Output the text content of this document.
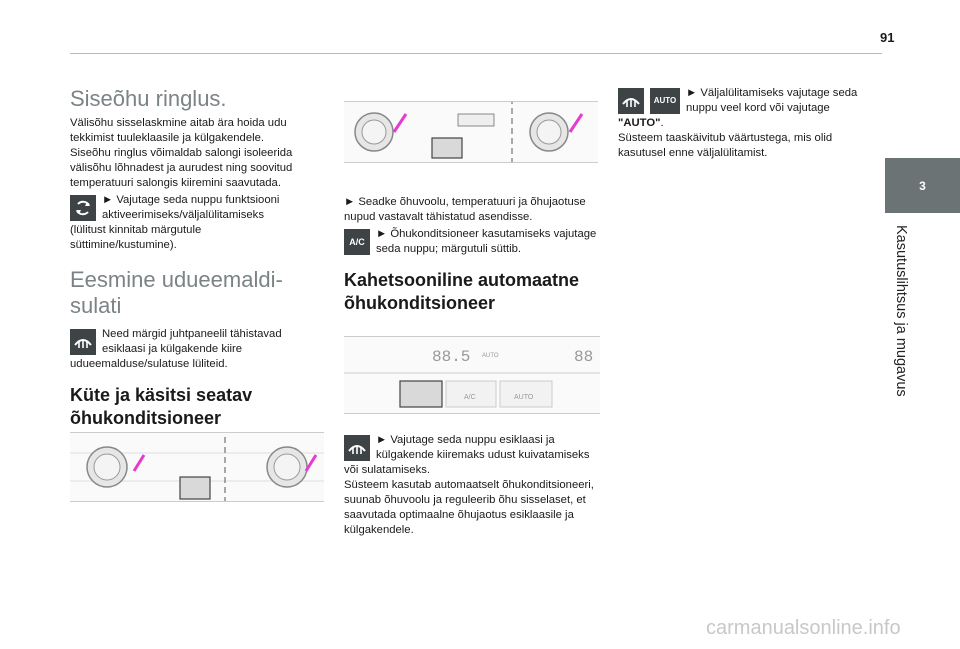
91
3
Kasutuslihtsus ja mugavus
Siseõhu ringlus.

Välisõhu sisselaskmine aitab ära hoida udu tekkimist tuuleklaasile ja külgakendele.

Siseõhu ringlus võimaldab salongi isoleerida välisõhu lõhnadest ja aurudest ning soovitud temperatuuri salongis kiiremini saavutada.

► Vajutage seda nuppu funktsiooni aktiveerimiseks/väljalülitamiseks (lülitust kinnitab märgutule süttimine/kustumine).

Eesmine udueemaldi-sulati

Need märgid juhtpaneelil tähistavad esiklaasi ja külgakende kiire udueemalduse/sulatuse lüliteid.

Küte ja käsitsi seatav õhukonditsioneer

► Seadke õhuvoolu, temperatuuri ja õhujaotuse nupud vastavalt tähistatud asendisse.

A/C
► Õhukonditsioneer kasutamiseks vajutage seda nuppu; märgutuli süttib.

Kahetsooniline automaatne õhukonditsioneer
88.5 AUTO	88
A/C	AUTO

► Vajutage seda nuppu esiklaasi ja külgakende kiiremaks udust kuivatamiseks või sulatamiseks.

Süsteem kasutab automaatselt õhukonditsioneeri, suunab õhuvoolu ja reguleerib õhu sisselaset, et saavutada optimaalne õhujaotus esiklaasile ja külgakendele.

AUTO
► Väljalülitamiseks vajutage seda nuppu veel kord või vajutage "AUTO".

Süsteem taaskäivitub väärtustega, mis olid kasutusel enne väljalülitamist.

carmanualsonline.info
